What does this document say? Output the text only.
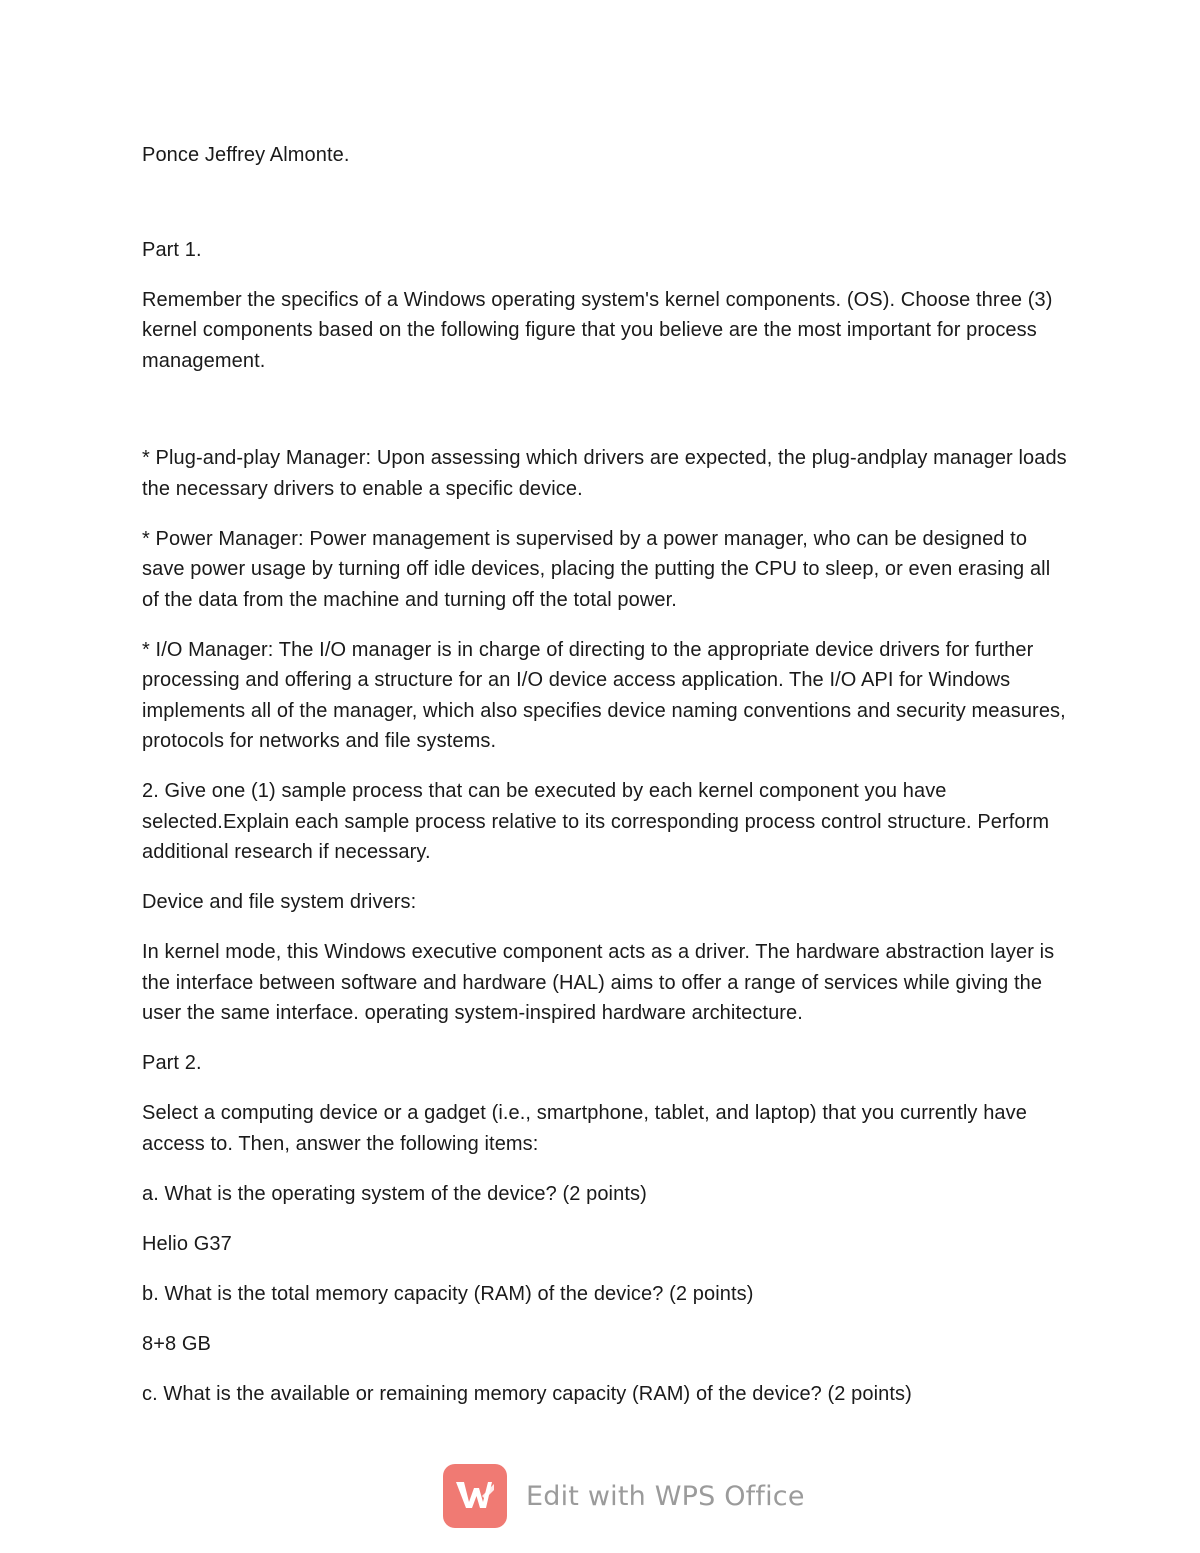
Ponce Jeffrey Almonte.

Part 1.

Remember the specifics of a Windows operating system's kernel components. (OS). Choose three (3) kernel components based on the following figure that you believe are the most important for process management.

* Plug-and-play Manager: Upon assessing which drivers are expected, the plug-andplay manager loads the necessary drivers to enable a specific device.

* Power Manager: Power management is supervised by a power manager, who can be designed to save power usage by turning off idle devices, placing the putting the CPU to sleep, or even erasing all of the data from the machine and turning off the total power.

* I/O Manager: The I/O manager is in charge of directing to the appropriate device drivers for further processing and offering a structure for an I/O device access application. The I/O API for Windows implements all of the manager, which also specifies device naming conventions and security measures, protocols for networks and file systems.

2. Give one (1) sample process that can be executed by each kernel component you have selected.Explain each sample process relative to its corresponding process control structure. Perform additional research if necessary.

Device and file system drivers:

In kernel mode, this Windows executive component acts as a driver. The hardware abstraction layer is the interface between software and hardware (HAL) aims to offer a range of services while giving the user the same interface. operating system-inspired hardware architecture.

Part 2.

Select a computing device or a gadget (i.e., smartphone, tablet, and laptop) that you currently have access to. Then, answer the following items:

a. What is the operating system of the device? (2 points)

Helio G37

b. What is the total memory capacity (RAM) of the device? (2 points)

8+8 GB

c. What is the available or remaining memory capacity (RAM) of the device? (2 points)

Edit with WPS Office
